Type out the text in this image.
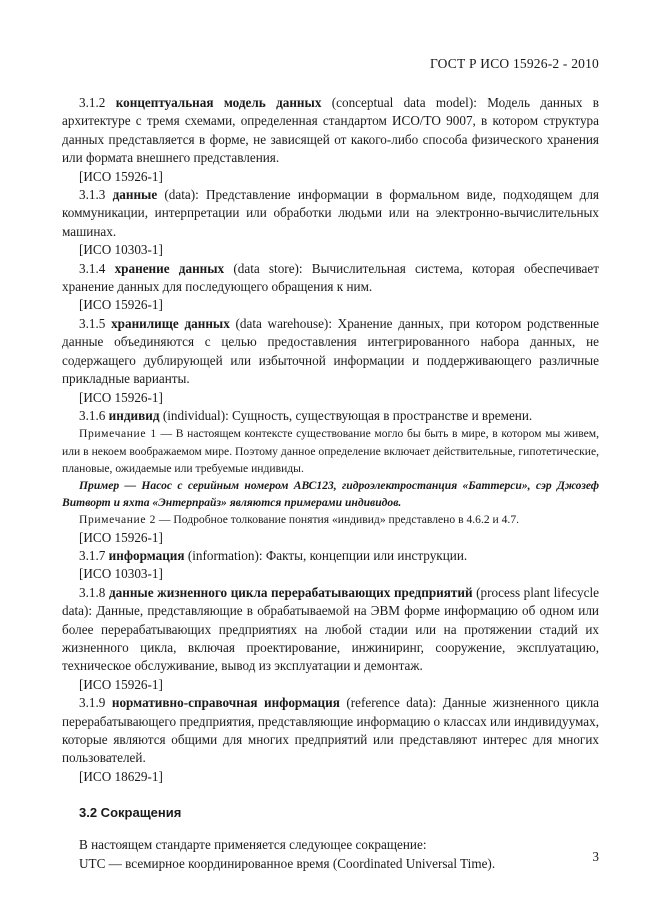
ГОСТ Р ИСО 15926-2 - 2010

3.1.2 концептуальная модель данных (conceptual data model): Модель данных в архитектуре с тремя схемами, определенная стандартом ИСО/ТО 9007, в котором структура данных представляется в форме, не зависящей от какого-либо способа физического хранения или формата внешнего представления.

[ИСО 15926-1]

3.1.3 данные (data): Представление информации в формальном виде, подходящем для коммуникации, интерпретации или обработки людьми или на электронно-вычислительных машинах.

[ИСО 10303-1]

3.1.4 хранение данных (data store): Вычислительная система, которая обеспечивает хранение данных для последующего обращения к ним.

[ИСО 15926-1]

3.1.5 хранилище данных (data warehouse): Хранение данных, при котором родственные данные объединяются с целью предоставления интегрированного набора данных, не содержащего дублирующей или избыточной информации и поддерживающего различные прикладные варианты.

[ИСО 15926-1]

3.1.6 индивид (individual): Сущность, существующая в пространстве и времени.

Примечание 1 — В настоящем контексте существование могло бы быть в мире, в котором мы живем, или в некоем воображаемом мире. Поэтому данное определение включает действительные, гипотетические, плановые, ожидаемые или требуемые индивиды.

Пример — Насос с серийным номером АВС123, гидроэлектростанция «Баттерси», сэр Джозеф Витворт и яхта «Энтерпрайз» являются примерами индивидов.

Примечание 2 — Подробное толкование понятия «индивид» представлено в 4.6.2 и 4.7.

[ИСО 15926-1]

3.1.7 информация (information): Факты, концепции или инструкции.

[ИСО 10303-1]

3.1.8 данные жизненного цикла перерабатывающих предприятий (process plant lifecycle data): Данные, представляющие в обрабатываемой на ЭВМ форме информацию об одном или более перерабатывающих предприятиях на любой стадии или на протяжении стадий их жизненного цикла, включая проектирование, инжиниринг, сооружение, эксплуатацию, техническое обслуживание, вывод из эксплуатации и демонтаж.

[ИСО 15926-1]

3.1.9 нормативно-справочная информация (reference data): Данные жизненного цикла перерабатывающего предприятия, представляющие информацию о классах или индивидуумах, которые являются общими для многих предприятий или представляют интерес для многих пользователей.

[ИСО 18629-1]

3.2 Сокращения

В настоящем стандарте применяется следующее сокращение:

UTC — всемирное координированное время (Coordinated Universal Time).	3
